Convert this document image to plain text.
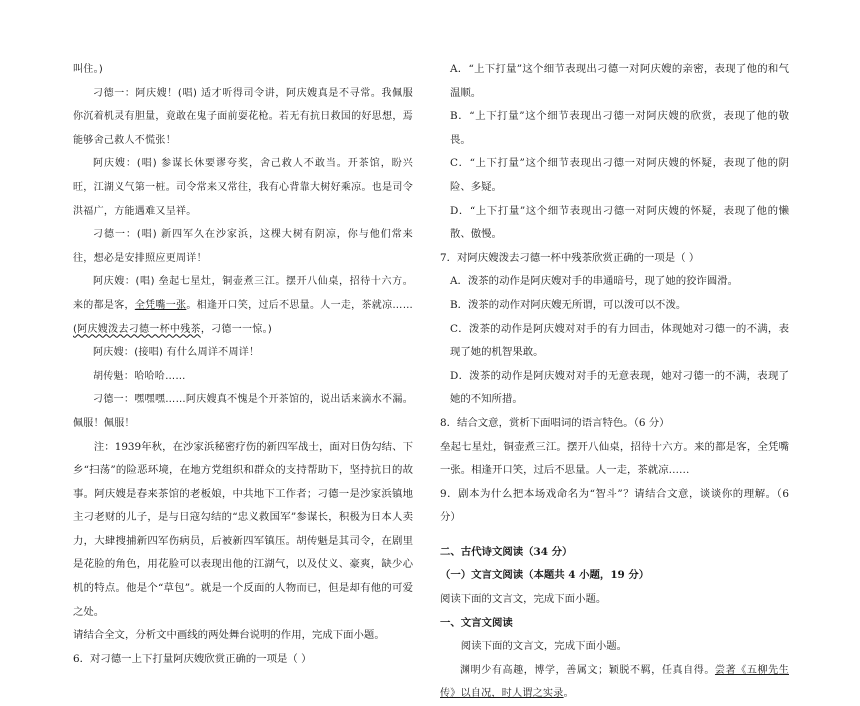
叫住。)

刁德一：阿庆嫂！(唱) 适才听得司令讲，阿庆嫂真是不寻常。我佩服你沉着机灵有胆量，竟敢在鬼子面前耍花枪。若无有抗日救国的好思想，焉能够舍己救人不慌张！

阿庆嫂：(唱) 参谋长休要谬夸奖，舍己救人不敢当。开茶馆，盼兴旺，江湖义气第一桩。司令常来又常往，我有心背靠大树好乘凉。也是司令洪福广，方能遇难又呈祥。

刁德一：(唱) 新四军久在沙家浜，这棵大树有阴凉，你与他们常来往，想必是安排照应更周详！

阿庆嫂：(唱) 垒起七星灶，铜壶煮三江。摆开八仙桌，招待十六方。来的都是客，全凭嘴一张。相逢开口笑，过后不思量。人一走，茶就凉……(阿庆嫂泼去刁德一杯中残茶，刁德一一惊。)

阿庆嫂：(接唱) 有什么周详不周详！

胡传魁：哈哈哈……

刁德一：嘿嘿嘿……阿庆嫂真不愧是个开茶馆的，说出话来滴水不漏。佩服！佩服！

注：1939年秋，在沙家浜秘密疗伤的新四军战士，面对日伪勾结、下乡“扫荡”的险恶环境，在地方党组织和群众的支持帮助下，坚持抗日的故事。阿庆嫂是春来茶馆的老板娘，中共地下工作者；刁德一是沙家浜镇地主刁老财的儿子，是与日寇勾结的“忠义救国军”参谋长，积极为日本人卖力，大肆搜捕新四军伤病员，后被新四军镇压。胡传魁是其司令，在剧里是花脸的角色，用花脸可以表现出他的江湖气，以及仗义、豪爽，缺少心机的特点。他是个“草包”。就是一个反面的人物而已，但是却有他的可爱之处。

请结合全文，分析文中画线的两处舞台说明的作用，完成下面小题。

6．对刁德一上下打量阿庆嫂欣赏正确的一项是（ ）

A．“上下打量”这个细节表现出刁德一对阿庆嫂的亲密，表现了他的和气温顺。

B．“上下打量”这个细节表现出刁德一对阿庆嫂的欣赏，表现了他的敬畏。

C．“上下打量”这个细节表现出刁德一对阿庆嫂的怀疑，表现了他的阴险、多疑。

D．“上下打量”这个细节表现出刁德一对阿庆嫂的怀疑，表现了他的懒散、傲慢。

7．对阿庆嫂泼去刁德一杯中残茶欣赏正确的一项是（ ）

A．泼茶的动作是阿庆嫂对手的串通暗号，现了她的狡诈圆滑。

B．泼茶的动作对阿庆嫂无所谓，可以泼可以不泼。

C．泼茶的动作是阿庆嫂对对手的有力回击，体现她对刁德一的不满，表现了她的机智果敢。

D．泼茶的动作是阿庆嫂对对手的无意表现，她对刁德一的不满，表现了她的不知所措。

8．结合文意，赏析下面唱词的语言特色。（6 分）

垒起七星灶，铜壶煮三江。摆开八仙桌，招待十六方。来的都是客，全凭嘴一张。相逢开口笑，过后不思量。人一走，茶就凉……

9．剧本为什么把本场戏命名为“智斗”？请结合文意，谈谈你的理解。（6 分）

二、古代诗文阅读（34 分）

（一）文言文阅读（本题共 4 小题，19 分）

阅读下面的文言文，完成下面小题。

一、文言文阅读

阅读下面的文言文，完成下面小题。

渊明少有高趣，博学，善属文；颖脱不羁，任真自得。尝著《五柳先生传》以自况，时人谓之实录。
